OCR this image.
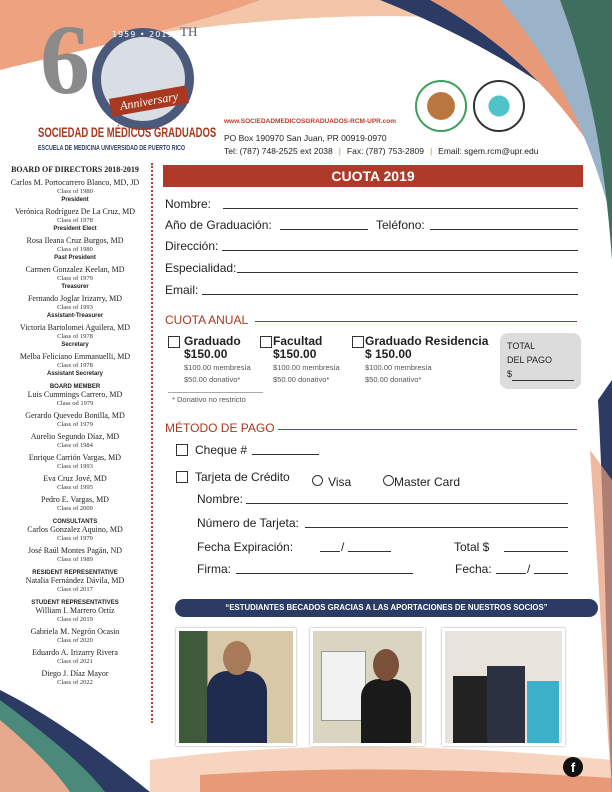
6	TH
1959 • 2019
Anniversary
SOCIEDAD DE MÉDICOS GRADUADOS
ESCUELA DE MEDICINA UNIVERSIDAD DE PUERTO RICO
www.SOCIEDADMEDICOSGRADUADOS-RCM-UPR.com
PO Box 190970 San Juan, PR 00919-0970
Tel: (787) 748-2525 ext 2038 | Fax: (787) 753-2809 | Email: sgem.rcm@upr.edu
BOARD OF DIRECTORS 2018-2019
Carlos M. Portocarrero Blanco, MD, JD
Class of 1980
President
Verónica Rodríguez De La Cruz, MD
Class of 1978
President Elect
Rosa Ileana Cruz Burgos, MD
Class of 1980
Past President
Carmen Gonzalez Keelan, MD
Class of 1979
Treasurer
Fernando Joglar Irizarry, MD
Class of 1993
Assistant-Treasurer
Victoria Bartolomei Aguilera, MD
Class of 1978
Secretary
Melba Feliciano Emmanuelli, MD
Class of 1978
Assistant Secretary
BOARD MEMBER
Luis Cummings Carrero, MD
Class od 1979
Gerardo Quevedo Bonilla, MD
Class of 1979
Aurelio Segundo Díaz, MD
Class of 1984
Enrique Carrión Vargas, MD
Class of 1993
Eva Cruz Jové, MD
Class of 1995
Pedro E. Vargas, MD
Class of 2009
CONSULTANTS
Carlos Gonzalez Aquino, MD
Class of 1979
José Raúl Montes Pagán, ND
Class of 1989
RESIDENT REPRESENTATIVE
Natalia Fernández Dávila, MD
Class of 2017
STUDENT REPRESENTATIVES
William I. Marrero Ortíz
Class of 2019
Gabriela M. Negrón Ocasio
Class of 2020
Eduardo A. Irizarry Rivera
Class of 2021
Diego J. Díaz Mayor
Class of 2022
CUOTA 2019
Nombre:
Año de Graduación:	Teléfono:
Dirección:
Especialidad:
Email:
CUOTA ANUAL
Graduado
$150.00
$100.00 membresía
$50.00 donativo*
Facultad
$150.00
$100.00 membresía
$50.00 donativo*
Graduado Residencia
$ 150.00
$100.00 membresía
$50.00 donativo*
TOTAL
DEL PAGO
$
* Donativo no restricto
MÉTODO DE PAGO
Cheque #
Tarjeta de Crédito	Visa	Master Card
Nombre:
Número de Tarjeta:
Fecha Expiración:	/	Total $
Firma:	Fecha:	/
“ESTUDIANTES BECADOS GRACIAS A LAS APORTACIONES DE NUESTROS SOCIOS”
f
